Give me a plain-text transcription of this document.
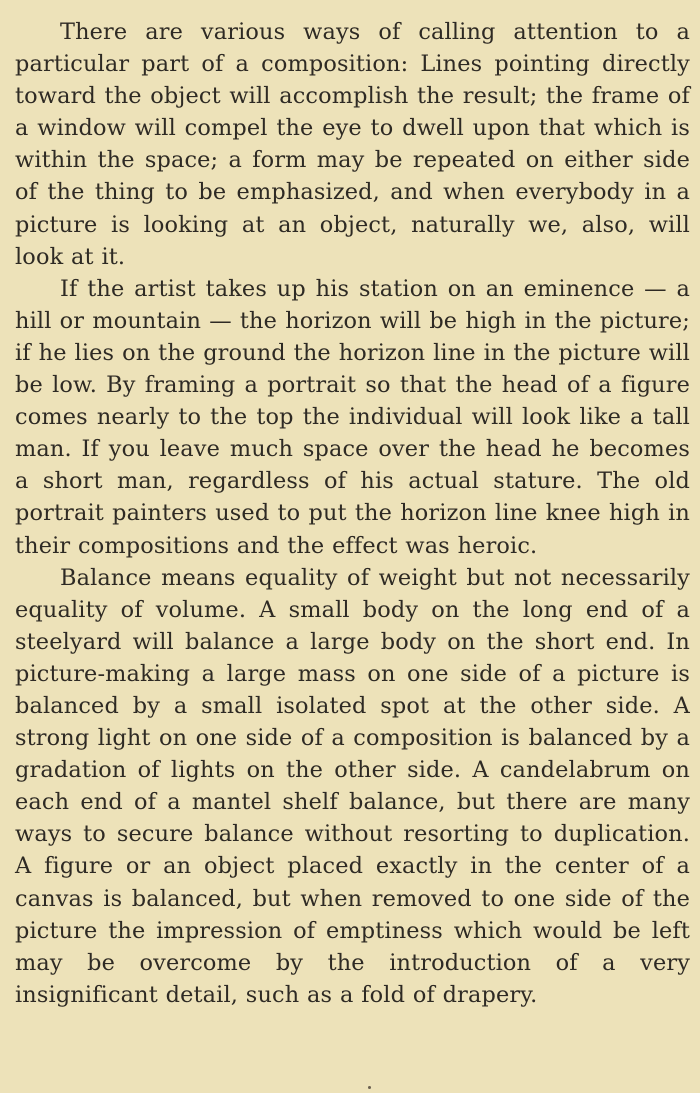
There are various ways of calling attention to a particular part of a composition: Lines pointing directly toward the object will accomplish the result; the frame of a window will compel the eye to dwell upon that which is within the space; a form may be repeated on either side of the thing to be emphasized, and when everybody in a picture is looking at an object, naturally we, also, will look at it.

If the artist takes up his station on an eminence — a hill or mountain — the horizon will be high in the picture; if he lies on the ground the horizon line in the picture will be low. By framing a portrait so that the head of a figure comes nearly to the top the individual will look like a tall man. If you leave much space over the head he becomes a short man, regardless of his actual stature. The old portrait painters used to put the horizon line knee high in their compositions and the effect was heroic.

Balance means equality of weight but not necessarily equality of volume. A small body on the long end of a steelyard will balance a large body on the short end. In picture-making a large mass on one side of a picture is balanced by a small isolated spot at the other side. A strong light on one side of a composition is balanced by a gradation of lights on the other side. A candelabrum on each end of a mantel shelf balance, but there are many ways to secure balance without resorting to duplication. A figure or an object placed exactly in the center of a canvas is balanced, but when removed to one side of the picture the impression of emptiness which would be left may be overcome by the introduction of a very insignificant detail, such as a fold of drapery.
